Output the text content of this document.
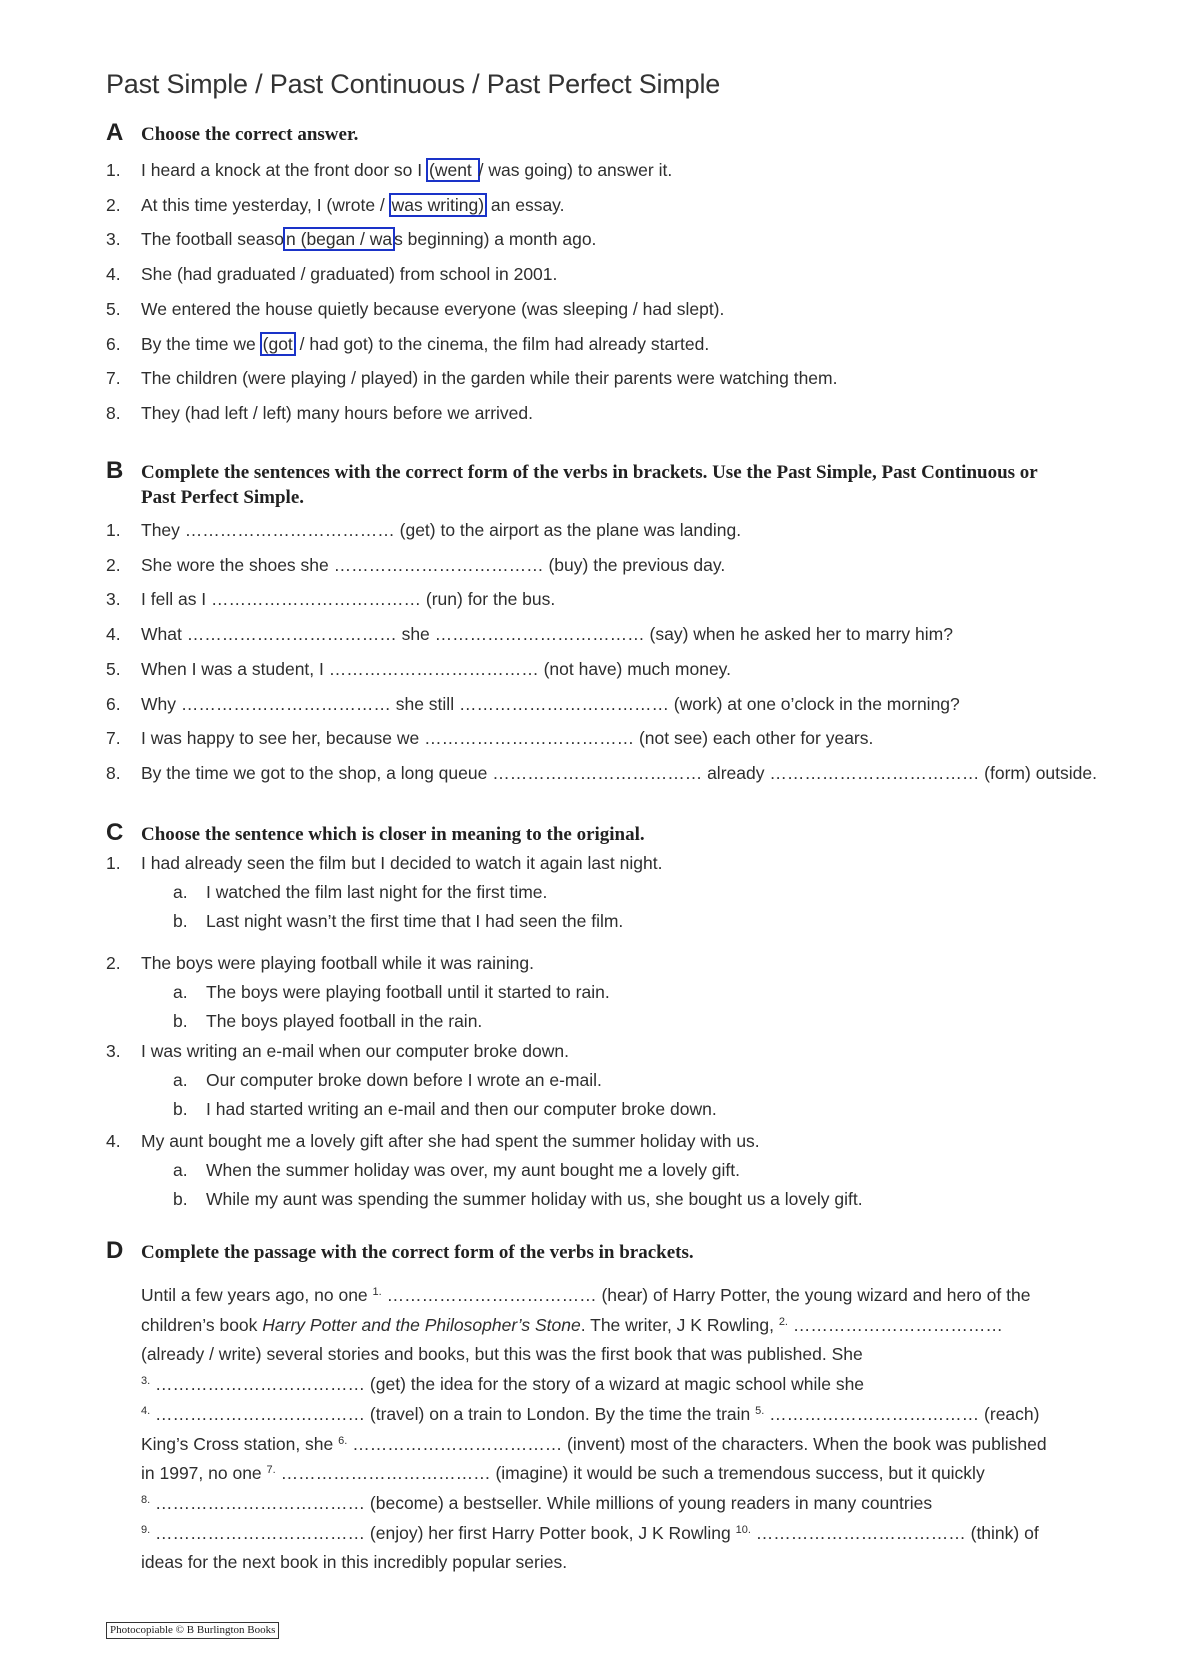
Past Simple / Past Continuous / Past Perfect Simple
A Choose the correct answer.
1.	I heard a knock at the front door so I (went / was going) to answer it.
2.	At this time yesterday, I (wrote / was writing) an essay.
3.	The football seaso n (began / wa s beginning) a month ago.
4.	She (had graduated / graduated) from school in 2001.
5.	We entered the house quietly because everyone (was sleeping / had slept).
6.	By the time we (got / had got) to the cinema, the film had already started.
7.	The children (were playing / played) in the garden while their parents were watching them.
8.	They (had left / left) many hours before we arrived.
B Complete the sentences with the correct form of the verbs in brackets. Use the Past Simple, Past Continuous or
Past Perfect Simple.
1.	They ……………………………… (get) to the airport as the plane was landing.
2.	She wore the shoes she ……………………………… (buy) the previous day.
3.	I fell as I ……………………………… (run) for the bus.
4.	What ……………………………… she ……………………………… (say) when he asked her to marry him?
5.	When I was a student, I ……………………………… (not have) much money.
6.	Why ……………………………… she still ……………………………… (work) at one o’clock in the morning?
7.	I was happy to see her, because we ……………………………… (not see) each other for years.
8.	By the time we got to the shop, a long queue ……………………………… already ……………………………… (form) outside.
C Choose the sentence which is closer in meaning to the original.
1.	I had already seen the film but I decided to watch it again last night.
a. I watched the film last night for the first time.
b. Last night wasn’t the first time that I had seen the film.
2.	The boys were playing football while it was raining.
a. The boys were playing football until it started to rain.
b. The boys played football in the rain.
3.	I was writing an e-mail when our computer broke down.
a. Our computer broke down before I wrote an e-mail.
b. I had started writing an e-mail and then our computer broke down.
4.	My aunt bought me a lovely gift after she had spent the summer holiday with us.
a. When the summer holiday was over, my aunt bought me a lovely gift.
b. While my aunt was spending the summer holiday with us, she bought us a lovely gift.
D Complete the passage with the correct form of the verbs in brackets.
Until a few years ago, no one $^{1.}$ ……………………………… (hear) of Harry Potter, the young wizard and hero of the
children’s book Harry Potter and the Philosopher’s Stone. The writer, J K Rowling, $^{2.}$ ………………………………
(already / write) several stories and books, but this was the first book that was published. She
$^{3.}$ ……………………………… (get) the idea for the story of a wizard at magic school while she
$^{4.}$ ……………………………… (travel) on a train to London. By the time the train $^{5.}$ ……………………………… (reach)
King’s Cross station, she $^{6.}$ ……………………………… (invent) most of the characters. When the book was published
in 1997, no one $^{7.}$ ……………………………… (imagine) it would be such a tremendous success, but it quickly
$^{8.}$ ……………………………… (become) a bestseller. While millions of young readers in many countries
$^{9.}$ ……………………………… (enjoy) her first Harry Potter book, J K Rowling $^{10.}$ ……………………………… (think) of
ideas for the next book in this incredibly popular series.
Photocopiable © B Burlington Books
